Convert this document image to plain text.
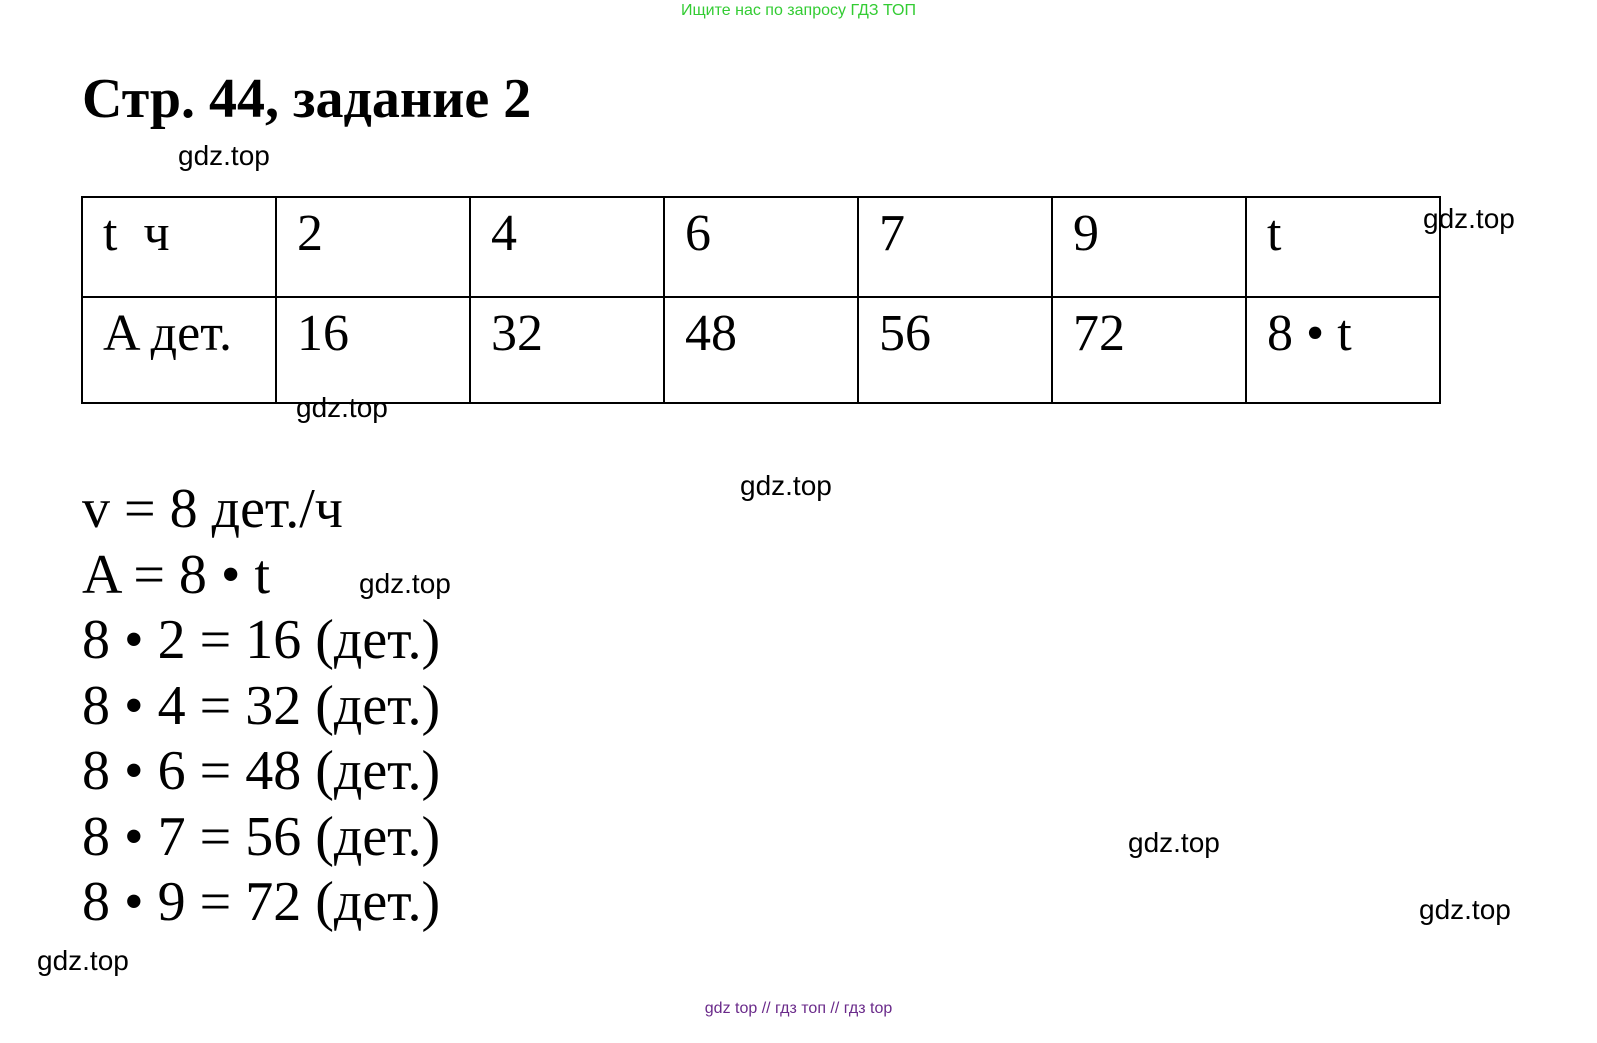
Ищите нас по запросу ГДЗ ТОП
Стр. 44, задание 2
t  ч	2	4	6	7	9	t
A дет.	16	32	48	56	72	8 • t
v = 8 дет./ч
A = 8 • t
8 • 2 = 16 (дет.)
8 • 4 = 32 (дет.)
8 • 6 = 48 (дет.)
8 • 7 = 56 (дет.)
8 • 9 = 72 (дет.)
gdz.top
gdz.top
gdz.top
gdz.top
gdz.top
gdz.top
gdz.top
gdz.top
gdz top // гдз топ // гдз top
